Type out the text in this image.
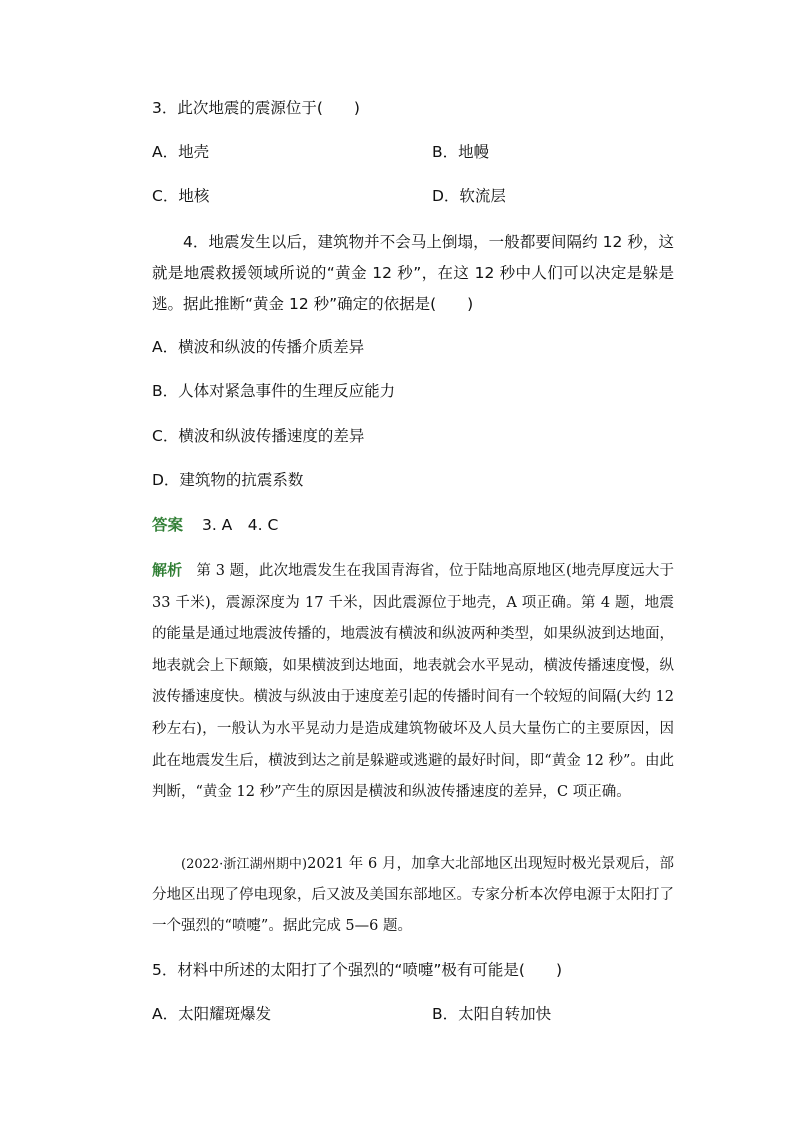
3．此次地震的震源位于(　　)
A．地壳	B．地幔
C．地核	D．软流层
4．地震发生以后，建筑物并不会马上倒塌，一般都要间隔约 12 秒，这就是地震救援领域所说的“黄金 12 秒”，在这 12 秒中人们可以决定是躲是逃。据此推断“黄金 12 秒”确定的依据是(　　)
A．横波和纵波的传播介质差异
B．人体对紧急事件的生理反应能力
C．横波和纵波传播速度的差异
D．建筑物的抗震系数
答案 3. A　4. C
解析 第 3 题，此次地震发生在我国青海省，位于陆地高原地区(地壳厚度远大于 33 千米)，震源深度为 17 千米，因此震源位于地壳，A 项正确。第 4 题，地震的能量是通过地震波传播的，地震波有横波和纵波两种类型，如果纵波到达地面，地表就会上下颠簸，如果横波到达地面，地表就会水平晃动，横波传播速度慢，纵波传播速度快。横波与纵波由于速度差引起的传播时间有一个较短的间隔(大约 12 秒左右)，一般认为水平晃动力是造成建筑物破坏及人员大量伤亡的主要原因，因此在地震发生后，横波到达之前是躲避或逃避的最好时间，即“黄金 12 秒”。由此判断，“黄金 12 秒”产生的原因是横波和纵波传播速度的差异，C 项正确。
(2022·浙江湖州期中)2021 年 6 月，加拿大北部地区出现短时极光景观后，部分地区出现了停电现象，后又波及美国东部地区。专家分析本次停电源于太阳打了一个强烈的“喷嚏”。据此完成 5—6 题。
5．材料中所述的太阳打了个强烈的“喷嚏”极有可能是(　　)
A．太阳耀斑爆发	B．太阳自转加快
